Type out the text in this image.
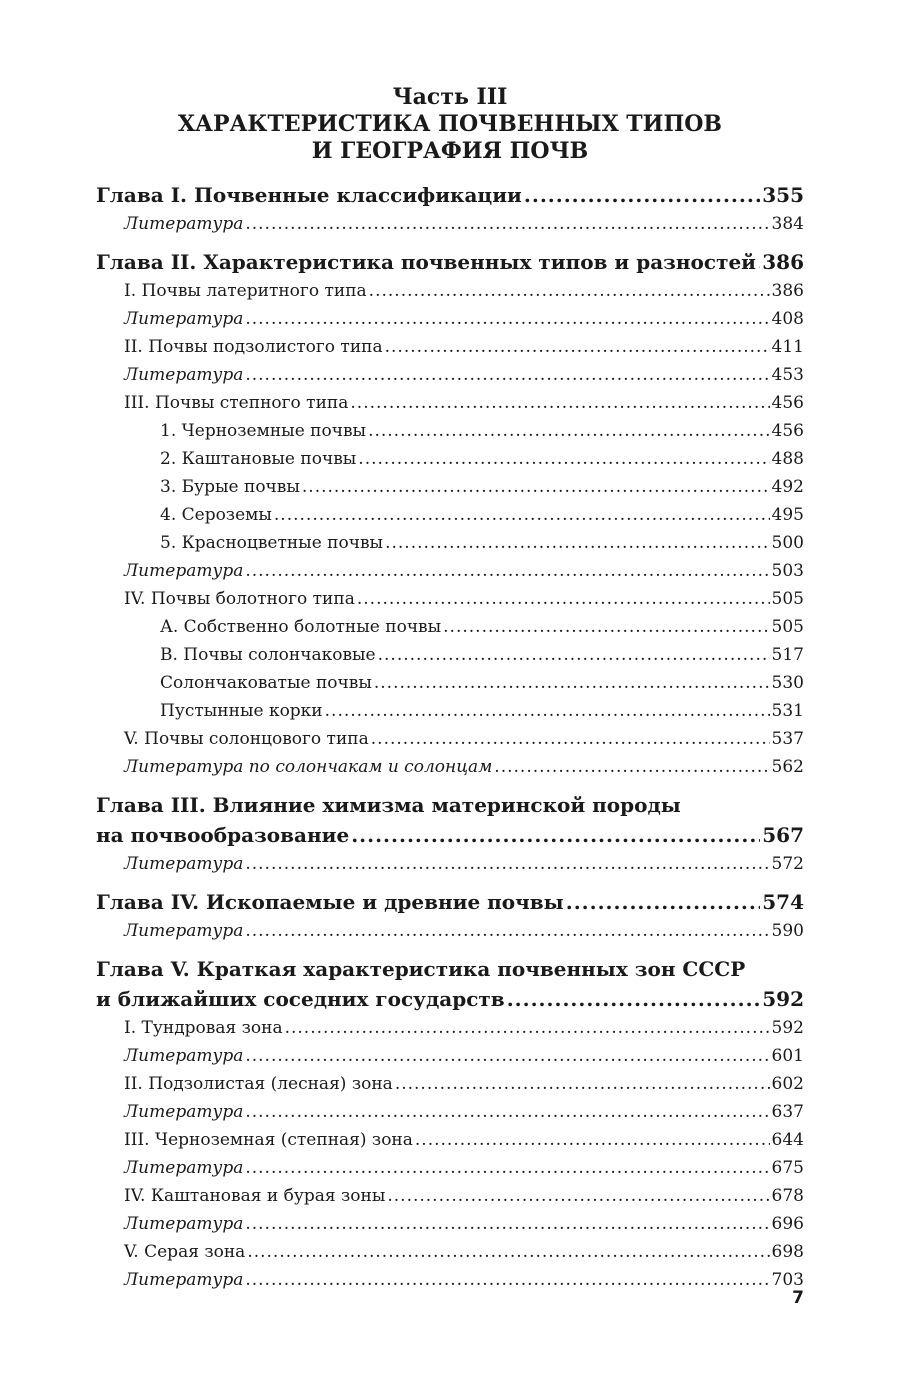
Часть III
ХАРАКТЕРИСТИКА ПОЧВЕННЫХ ТИПОВ
И ГЕОГРАФИЯ ПОЧВ
Глава I. Почвенные классификации .....	355
Литература .....	384
Глава II. Характеристика почвенных типов и разностей ..... 386
I. Почвы латеритного типа .....	386
Литература .....	408
II. Почвы подзолистого типа .....	411
Литература .....	453
III. Почвы степного типа .....	456
1. Черноземные почвы .....	456
2. Каштановые почвы .....	488
3. Бурые почвы .....	492
4. Сероземы .....	495
5. Красноцветные почвы .....	500
Литература .....	503
IV. Почвы болотного типа .....	505
А. Собственно болотные почвы .....	505
В. Почвы солончаковые .....	517
Солончаковатые почвы .....	530
Пустынные корки .....	531
V. Почвы солонцового типа .....	537
Литература по солончакам и солонцам .....	562
Глава III. Влияние химизма материнской породы
на почвообразование .....	567
Литература .....	572
Глава IV. Ископаемые и древние почвы .....	574
Литература .....	590
Глава V. Краткая характеристика почвенных зон СССР
и ближайших соседних государств .....	592
I. Тундровая зона .....	592
Литература .....	601
II. Подзолистая (лесная) зона .....	602
Литература .....	637
III. Черноземная (степная) зона .....	644
Литература .....	675
IV. Каштановая и бурая зоны .....	678
Литература .....	696
V. Серая зона .....	698
Литература .....	703
7
